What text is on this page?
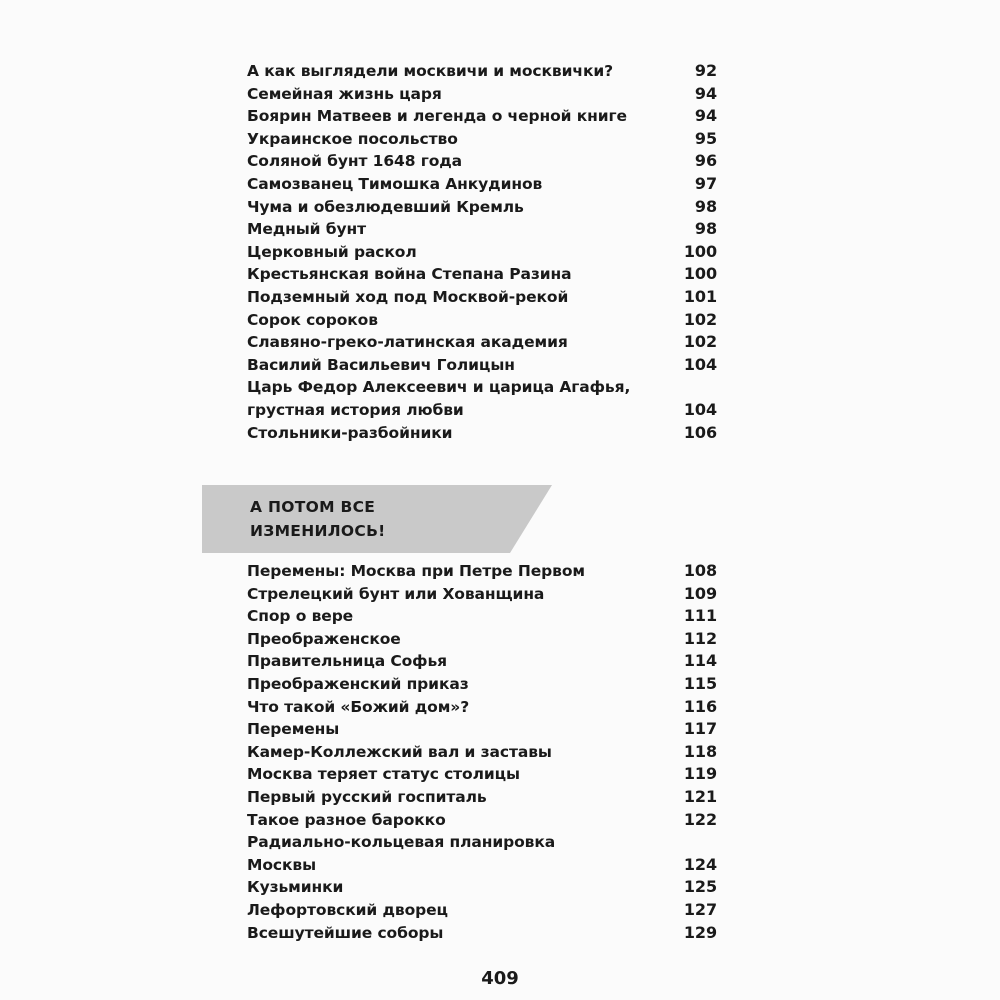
А как выглядели москвичи и москвички?	92
Семейная жизнь царя	94
Боярин Матвеев и легенда о черной книге	94
Украинское посольство	95
Соляной бунт 1648 года	96
Самозванец Тимошка Анкудинов	97
Чума и обезлюдевший Кремль	98
Медный бунт	98
Церковный раскол	100
Крестьянская война Степана Разина	100
Подземный ход под Москвой-рекой	101
Сорок сороков	102
Славяно-греко-латинская академия	102
Василий Васильевич Голицын	104
Царь Федор Алексеевич и царица Агафья,
грустная история любви	104
Стольники-разбойники	106
А ПОТОМ ВСЕ
ИЗМЕНИЛОСЬ!
Перемены: Москва при Петре Первом	108
Стрелецкий бунт или Хованщина	109
Спор о вере	111
Преображенское	112
Правительница Софья	114
Преображенский приказ	115
Что такой «Божий дом»?	116
Перемены	117
Камер-Коллежский вал и заставы	118
Москва теряет статус столицы	119
Первый русский госпиталь	121
Такое разное барокко	122
Радиально-кольцевая планировка
Москвы	124
Кузьминки	125
Лефортовский дворец	127
Всешутейшие соборы	129
409
